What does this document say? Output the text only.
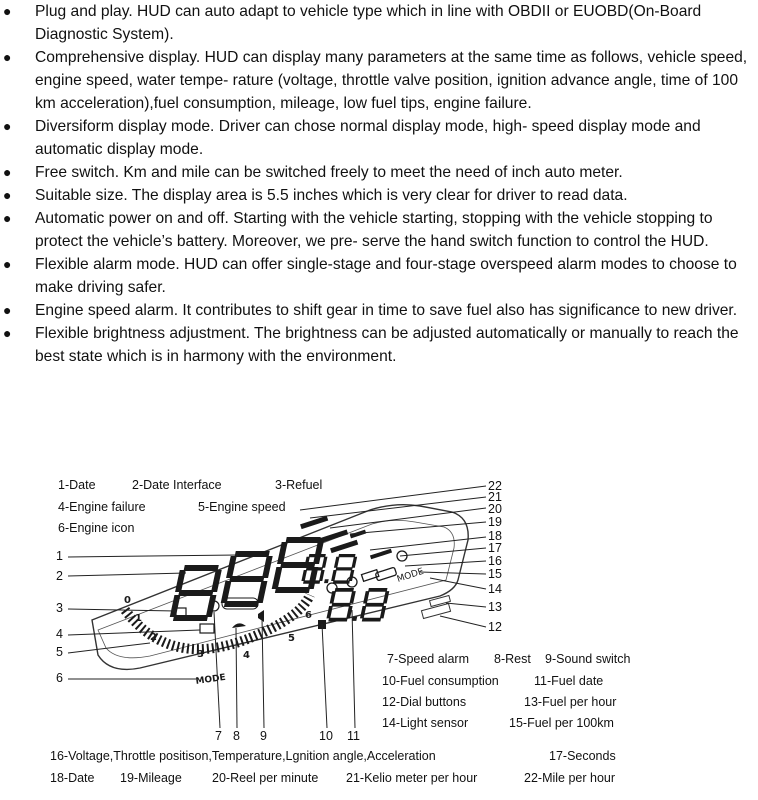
● Plug and play. HUD can auto adapt to vehicle type which in line with OBDII or EUOBD(On-Board Diagnostic System).

● Comprehensive display. HUD can display many parameters at the same time as follows, vehicle speed, engine speed, water tempe- rature (voltage, throttle valve position, ignition advance angle, time of 100 km acceleration),fuel consumption, mileage, low fuel tips, engine failure.

● Diversiform display mode. Driver can chose normal display mode, high- speed display mode and automatic display mode.

● Free switch. Km and mile can be switched freely to meet the need of inch auto meter.

● Suitable size. The display area is 5.5 inches which is very clear for driver to read data.

● Automatic power on and off. Starting with the vehicle starting, stopping with the vehicle stopping to protect the vehicle’s battery. Moreover, we pre- serve the hand switch function to control the HUD.

● Flexible alarm mode. HUD can offer single-stage and four-stage overspeed alarm modes to choose to make driving safer.

● Engine speed alarm. It contributes to shift gear in time to save fuel also has significance to new driver.

● Flexible brightness adjustment. The brightness can be adjusted automatically or manually to reach the best state which is in harmony with the environment.

1-Date	2-Date Interface	3-Refuel
4-Engine failure	5-Engine speed
6-Engine icon
MODE
0
1
2
3	4
5
6
BM-01
MODE
1
2
3
4
5
6
22
21
20
19
18
17
16
15
14
13
12
7 8 9	10 11
7-Speed alarm 8-Rest 9-Sound switch
10-Fuel consumption	11-Fuel date
12-Dial buttons	13-Fuel per hour
14-Light sensor	15-Fuel per 100km
16-Voltage,Throttle positison,Temperature,Lgnition angle,Acceleration	17-Seconds
18-Date 19-Mileage 20-Reel per minute 21-Kelio meter per hour	22-Mile per hour
